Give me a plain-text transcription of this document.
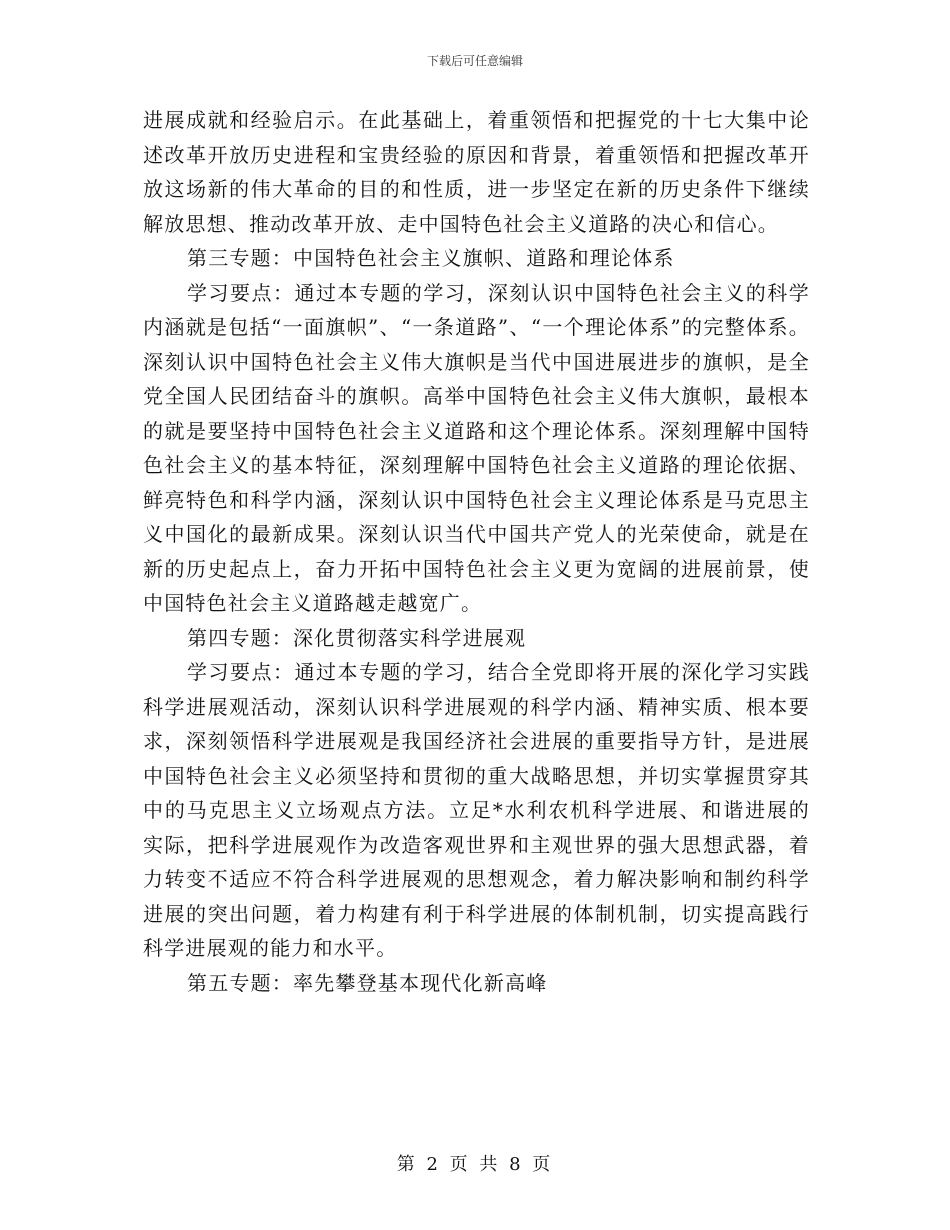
下载后可任意编辑

进展成就和经验启示。在此基础上，着重领悟和把握党的十七大集中论述改革开放历史进程和宝贵经验的原因和背景，着重领悟和把握改革开放这场新的伟大革命的目的和性质，进一步坚定在新的历史条件下继续解放思想、推动改革开放、走中国特色社会主义道路的决心和信心。

第三专题：中国特色社会主义旗帜、道路和理论体系

学习要点：通过本专题的学习，深刻认识中国特色社会主义的科学内涵就是包括“一面旗帜”、“一条道路”、“一个理论体系”的完整体系。深刻认识中国特色社会主义伟大旗帜是当代中国进展进步的旗帜，是全党全国人民团结奋斗的旗帜。高举中国特色社会主义伟大旗帜，最根本的就是要坚持中国特色社会主义道路和这个理论体系。深刻理解中国特色社会主义的基本特征，深刻理解中国特色社会主义道路的理论依据、鲜亮特色和科学内涵，深刻认识中国特色社会主义理论体系是马克思主义中国化的最新成果。深刻认识当代中国共产党人的光荣使命，就是在新的历史起点上，奋力开拓中国特色社会主义更为宽阔的进展前景，使中国特色社会主义道路越走越宽广。

第四专题：深化贯彻落实科学进展观

学习要点：通过本专题的学习，结合全党即将开展的深化学习实践科学进展观活动，深刻认识科学进展观的科学内涵、精神实质、根本要求，深刻领悟科学进展观是我国经济社会进展的重要指导方针，是进展中国特色社会主义必须坚持和贯彻的重大战略思想，并切实掌握贯穿其中的马克思主义立场观点方法。立足*水利农机科学进展、和谐进展的实际，把科学进展观作为改造客观世界和主观世界的强大思想武器，着力转变不适应不符合科学进展观的思想观念，着力解决影响和制约科学进展的突出问题，着力构建有利于科学进展的体制机制，切实提高践行科学进展观的能力和水平。

第五专题：率先攀登基本现代化新高峰

第 2 页 共 8 页
